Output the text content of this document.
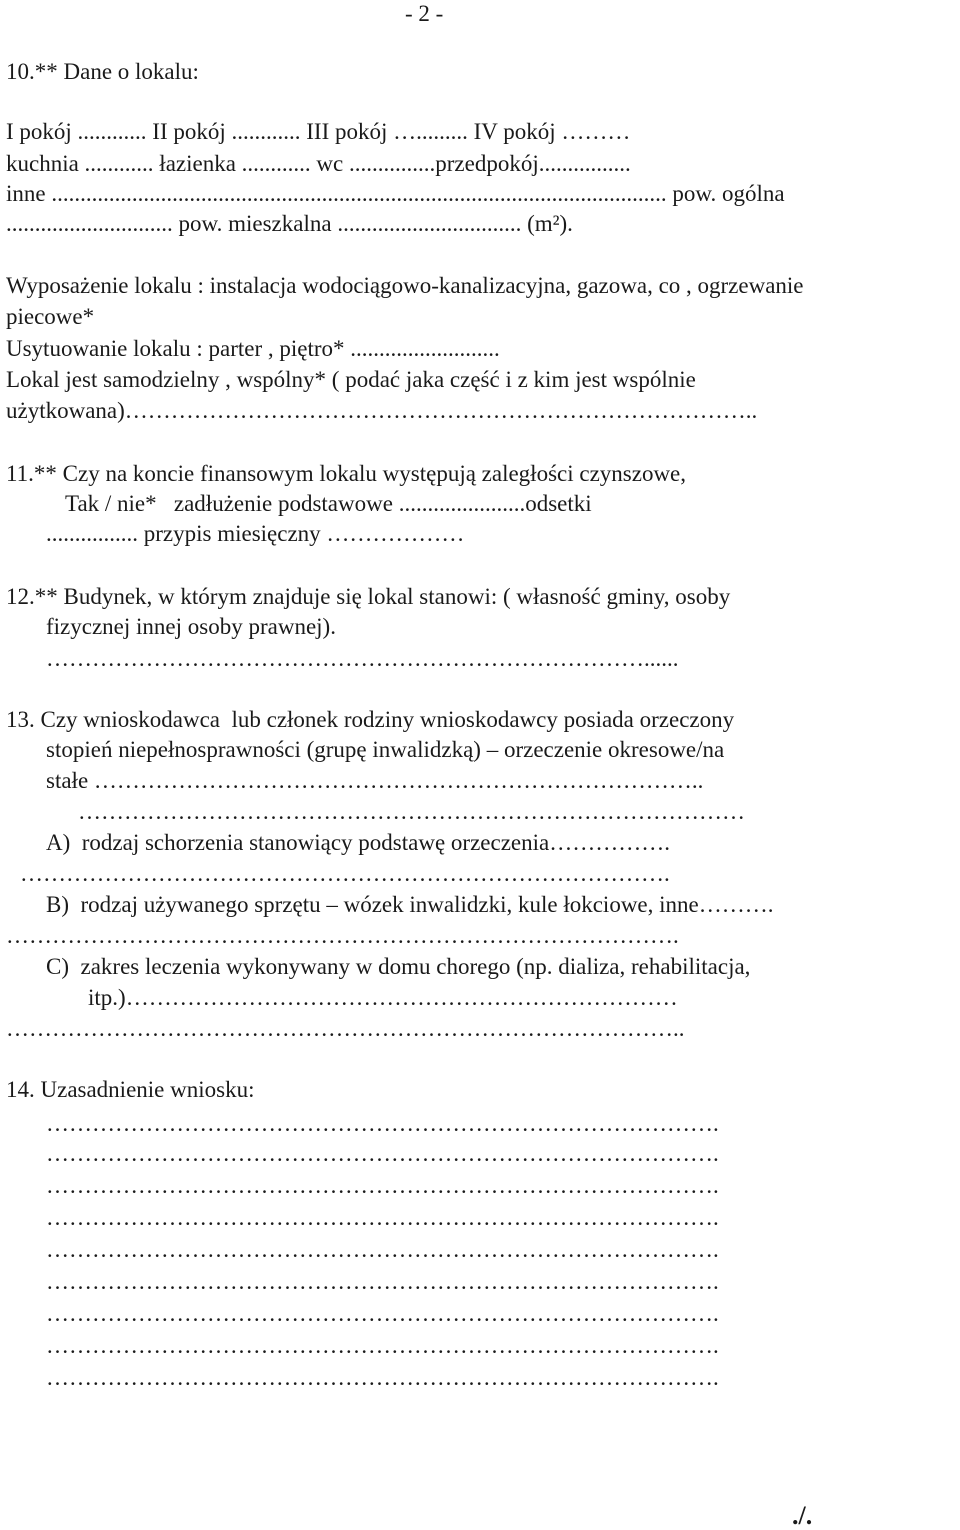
- 2 -
10.** Dane o lokalu:
I pokój ............ II pokój ............ III pokój …......... IV pokój ………
kuchnia ............ łazienka ............ wc ...............przedpokój................
inne ........................................................................................................... pow. ogólna
............................. pow. mieszkalna ................................ (m²).
Wyposażenie lokalu : instalacja wodociągowo-kanalizacyjna, gazowa, co , ogrzewanie
piecowe*
Usytuowanie lokalu : parter , piętro* ..........................
Lokal jest samodzielny , wspólny* ( podać jaka część i z kim jest wspólnie
użytkowana)………………………………………………………………………..
11.** Czy na koncie finansowym lokalu występują zaległości czynszowe,
Tak / nie*   zadłużenie podstawowe ......................odsetki
................ przypis miesięczny ………………
12.** Budynek, w którym znajduje się lokal stanowi: ( własność gminy, osoby
fizycznej innej osoby prawnej).
……………………………………………………………………......
13. Czy wnioskodawca  lub członek rodziny wnioskodawcy posiada orzeczony
stopień niepełnosprawności (grupę inwalidzką) – orzeczenie okresowe/na
stałe ……………………………………………………………………..
……………………………………………………………………………
A)  rodzaj schorzenia stanowiący podstawę orzeczenia…………….
………………………………………………………………………….
B)  rodzaj używanego sprzętu – wózek inwalidzki, kule łokciowe, inne……….
…………………………………………………………………………….
C)  zakres leczenia wykonywany w domu chorego (np. dializa, rehabilitacja,
itp.)………………………………………………………………
……………………………………………………………………………..
14. Uzasadnienie wniosku:
…………………………………………………………………………….
…………………………………………………………………………….
…………………………………………………………………………….
…………………………………………………………………………….
…………………………………………………………………………….
…………………………………………………………………………….
…………………………………………………………………………….
…………………………………………………………………………….
…………………………………………………………………………….
./.
